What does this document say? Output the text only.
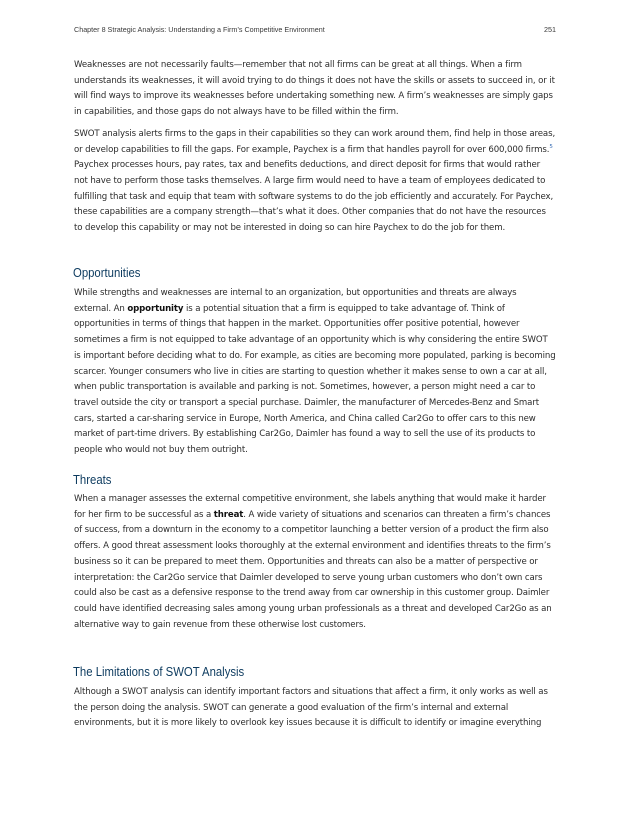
Chapter 8 Strategic Analysis: Understanding a Firm’s Competitive Environment	251

Weaknesses are not necessarily faults—remember that not all firms can be great at all things. When a firm understands its weaknesses, it will avoid trying to do things it does not have the skills or assets to succeed in, or it will find ways to improve its weaknesses before undertaking something new. A firm’s weaknesses are simply gaps in capabilities, and those gaps do not always have to be filled within the firm.

SWOT analysis alerts firms to the gaps in their capabilities so they can work around them, find help in those areas, or develop capabilities to fill the gaps. For example, Paychex is a firm that handles payroll for over 600,000 firms.$^5$ Paychex processes hours, pay rates, tax and benefits deductions, and direct deposit for firms that would rather not have to perform those tasks themselves. A large firm would need to have a team of employees dedicated to fulfilling that task and equip that team with software systems to do the job efficiently and accurately. For Paychex, these capabilities are a company strength—that’s what it does. Other companies that do not have the resources to develop this capability or may not be interested in doing so can hire Paychex to do the job for them.

Opportunities

While strengths and weaknesses are internal to an organization, but opportunities and threats are always external. An opportunity is a potential situation that a firm is equipped to take advantage of. Think of opportunities in terms of things that happen in the market. Opportunities offer positive potential, however sometimes a firm is not equipped to take advantage of an opportunity which is why considering the entire SWOT is important before deciding what to do. For example, as cities are becoming more populated, parking is becoming scarcer. Younger consumers who live in cities are starting to question whether it makes sense to own a car at all, when public transportation is available and parking is not. Sometimes, however, a person might need a car to travel outside the city or transport a special purchase. Daimler, the manufacturer of Mercedes-Benz and Smart cars, started a car-sharing service in Europe, North America, and China called Car2Go to offer cars to this new market of part-time drivers. By establishing Car2Go, Daimler has found a way to sell the use of its products to people who would not buy them outright.

Threats

When a manager assesses the external competitive environment, she labels anything that would make it harder for her firm to be successful as a threat. A wide variety of situations and scenarios can threaten a firm’s chances of success, from a downturn in the economy to a competitor launching a better version of a product the firm also offers. A good threat assessment looks thoroughly at the external environment and identifies threats to the firm’s business so it can be prepared to meet them. Opportunities and threats can also be a matter of perspective or interpretation: the Car2Go service that Daimler developed to serve young urban customers who don’t own cars could also be cast as a defensive response to the trend away from car ownership in this customer group. Daimler could have identified decreasing sales among young urban professionals as a threat and developed Car2Go as an alternative way to gain revenue from these otherwise lost customers.

The Limitations of SWOT Analysis

Although a SWOT analysis can identify important factors and situations that affect a firm, it only works as well as the person doing the analysis. SWOT can generate a good evaluation of the firm’s internal and external environments, but it is more likely to overlook key issues because it is difficult to identify or imagine everything
